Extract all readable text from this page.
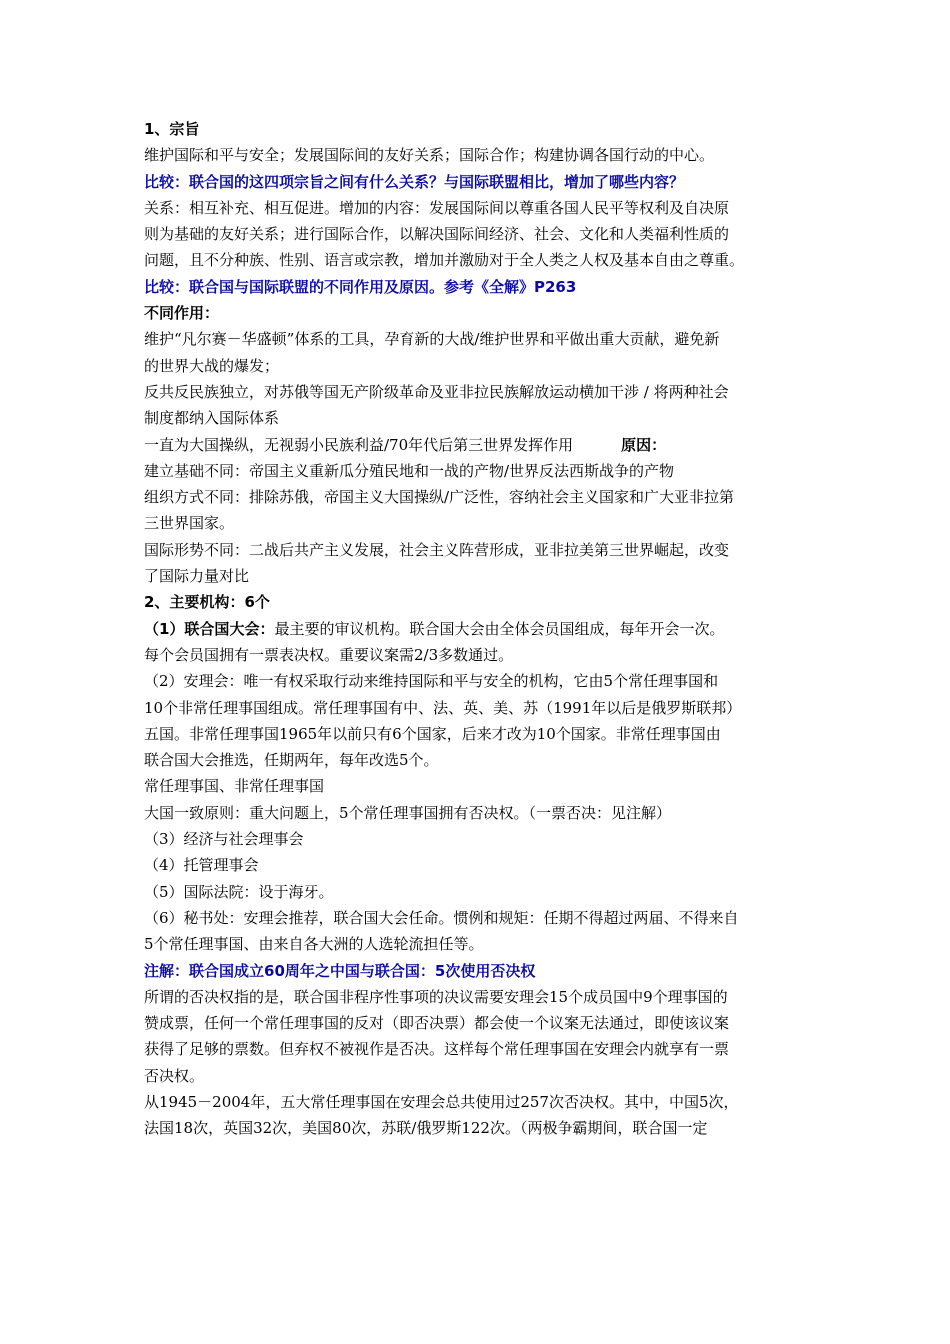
1、宗旨
维护国际和平与安全；发展国际间的友好关系；国际合作；构建协调各国行动的中心。
比较：联合国的这四项宗旨之间有什么关系？与国际联盟相比，增加了哪些内容？
关系：相互补充、相互促进。增加的内容：发展国际间以尊重各国人民平等权利及自决原
则为基础的友好关系；进行国际合作，以解决国际间经济、社会、文化和人类福利性质的
问题，且不分种族、性别、语言或宗教，增加并激励对于全人类之人权及基本自由之尊重。
比较：联合国与国际联盟的不同作用及原因。参考《全解》P263
不同作用：
维护“凡尔赛－华盛顿”体系的工具，孕育新的大战/维护世界和平做出重大贡献，避免新
的世界大战的爆发；
反共反民族独立，对苏俄等国无产阶级革命及亚非拉民族解放运动横加干涉 / 将两种社会
制度都纳入国际体系
一直为大国操纵，无视弱小民族利益/70年代后第三世界发挥作用	原因：
建立基础不同：帝国主义重新瓜分殖民地和一战的产物/世界反法西斯战争的产物
组织方式不同：排除苏俄，帝国主义大国操纵/广泛性，容纳社会主义国家和广大亚非拉第
三世界国家。
国际形势不同：二战后共产主义发展，社会主义阵营形成，亚非拉美第三世界崛起，改变
了国际力量对比
2、主要机构：6个
（1）联合国大会：最主要的审议机构。联合国大会由全体会员国组成，每年开会一次。
每个会员国拥有一票表决权。重要议案需2/3多数通过。
（2）安理会：唯一有权采取行动来维持国际和平与安全的机构，它由5个常任理事国和
10个非常任理事国组成。常任理事国有中、法、英、美、苏（1991年以后是俄罗斯联邦）
五国。非常任理事国1965年以前只有6个国家，后来才改为10个国家。非常任理事国由
联合国大会推选，任期两年，每年改选5个。
常任理事国、非常任理事国
大国一致原则：重大问题上，5个常任理事国拥有否决权。（一票否决：见注解）
（3）经济与社会理事会
（4）托管理事会
（5）国际法院：设于海牙。
（6）秘书处：安理会推荐，联合国大会任命。惯例和规矩：任期不得超过两届、不得来自
5个常任理事国、由来自各大洲的人选轮流担任等。
注解：联合国成立60周年之中国与联合国：5次使用否决权
所谓的否决权指的是，联合国非程序性事项的决议需要安理会15个成员国中9个理事国的
赞成票，任何一个常任理事国的反对（即否决票）都会使一个议案无法通过，即使该议案
获得了足够的票数。但弃权不被视作是否决。这样每个常任理事国在安理会内就享有一票
否决权。
从1945－2004年，五大常任理事国在安理会总共使用过257次否决权。其中，中国5次，
法国18次，英国32次，美国80次，苏联/俄罗斯122次。（两极争霸期间，联合国一定
